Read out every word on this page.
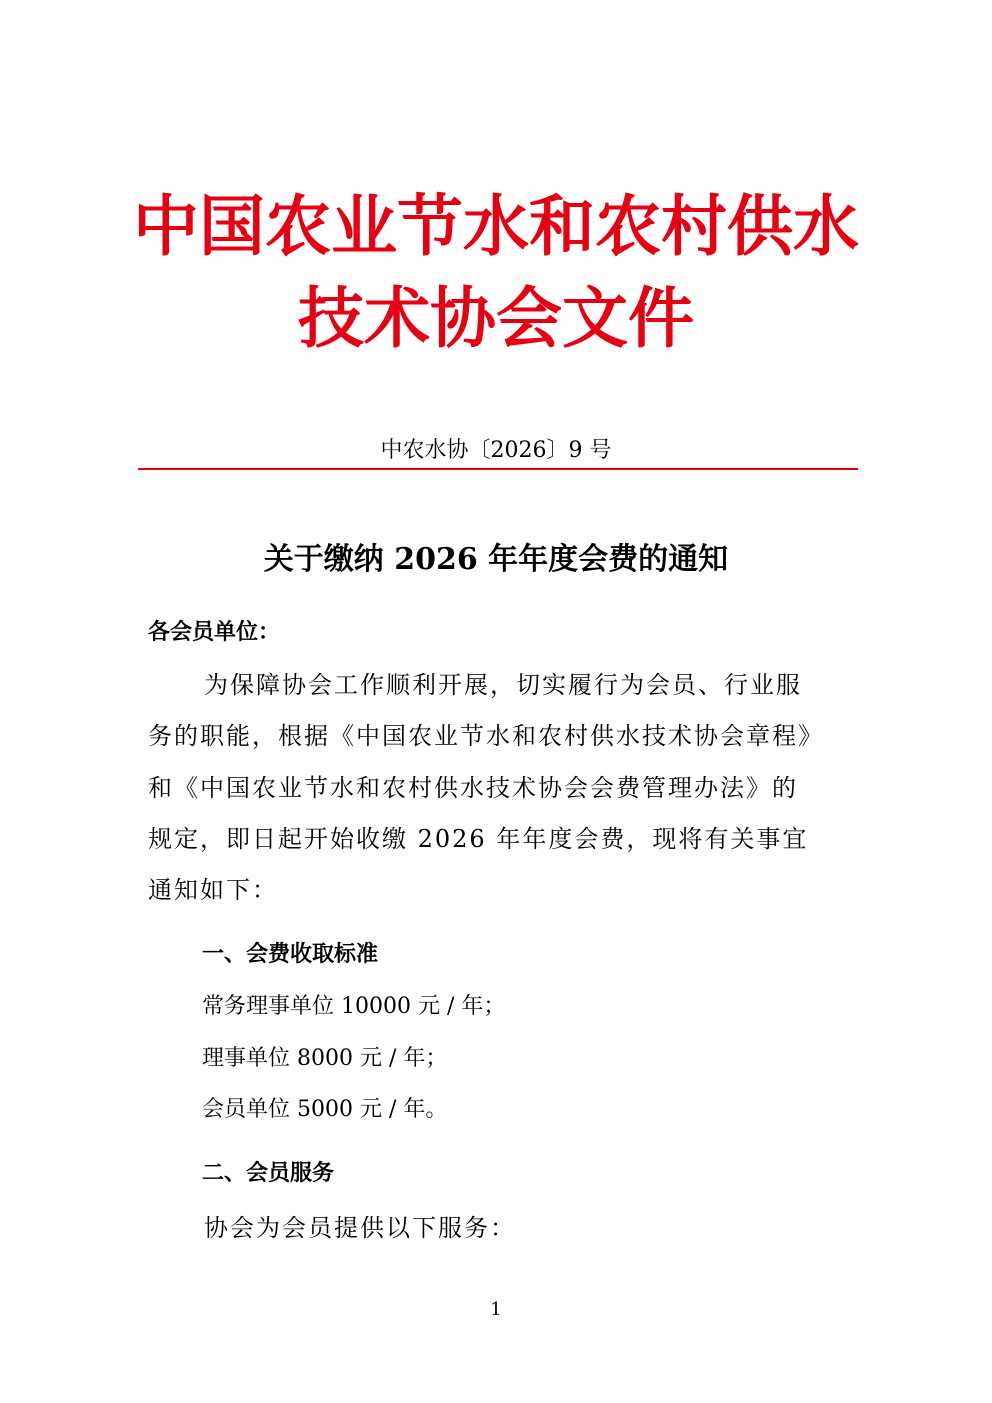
中国农业节水和农村供水
技术协会文件
中农水协〔2026〕9 号
关于缴纳 2026 年年度会费的通知
各会员单位：
为保障协会工作顺利开展，切实履行为会员、行业服
务的职能，根据《中国农业节水和农村供水技术协会章程》
和《中国农业节水和农村供水技术协会会费管理办法》的
规定，即日起开始收缴 2026 年年度会费，现将有关事宜
通知如下：
一、会费收取标准
常务理事单位 10000 元 / 年；
理事单位 8000 元 / 年；
会员单位 5000 元 / 年。
二、会员服务
协会为会员提供以下服务：
1
